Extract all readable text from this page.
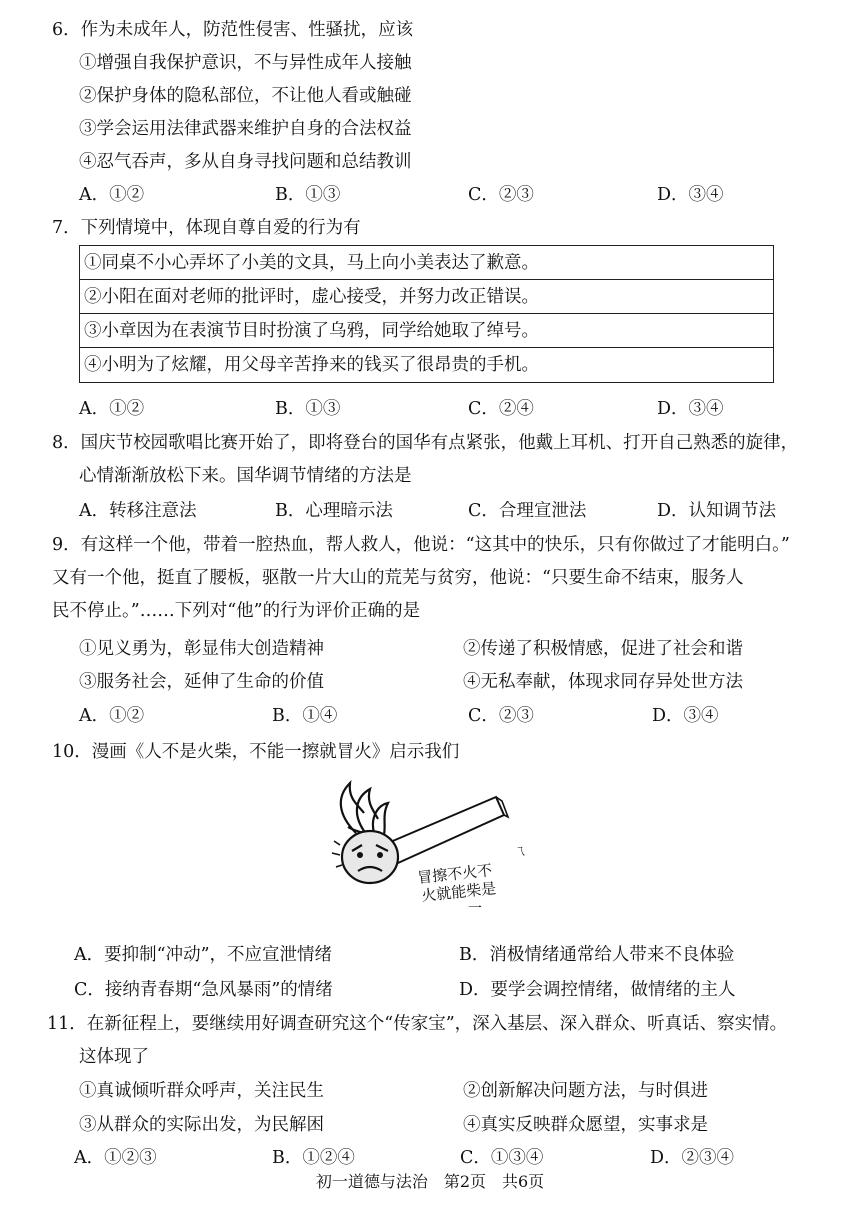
6．作为未成年人，防范性侵害、性骚扰，应该
①增强自我保护意识，不与异性成年人接触
②保护身体的隐私部位，不让他人看或触碰
③学会运用法律武器来维护自身的合法权益
④忍气吞声，多从自身寻找问题和总结教训
A．①②	B．①③	C．②③	D．③④
7．下列情境中，体现自尊自爱的行为有
①同桌不小心弄坏了小美的文具，马上向小美表达了歉意。
②小阳在面对老师的批评时，虚心接受，并努力改正错误。
③小章因为在表演节目时扮演了乌鸦，同学给她取了绰号。
④小明为了炫耀，用父母辛苦挣来的钱买了很昂贵的手机。
A．①②	B．①③	C．②④	D．③④
8．国庆节校园歌唱比赛开始了，即将登台的国华有点紧张，他戴上耳机、打开自己熟悉的旋律，
心情渐渐放松下来。国华调节情绪的方法是
A．转移注意法	B．心理暗示法	C．合理宣泄法	D．认知调节法
9．有这样一个他，带着一腔热血，帮人救人，他说：“这其中的快乐，只有你做过了才能明白。”
又有一个他，挺直了腰板，驱散一片大山的荒芜与贫穷，他说：“只要生命不结束，服务人
民不停止。”……下列对“他”的行为评价正确的是
①见义勇为，彰显伟大创造精神	②传递了积极情感，促进了社会和谐
③服务社会，延伸了生命的价值	④无私奉献，体现求同存异处世方法
A．①②	B．①④	C．②③	D．③④
10．漫画《人不是火柴，不能一擦就冒火》启示我们
冒擦不火不
火就能柴是
ㄟ
一
A．要抑制“冲动”，不应宣泄情绪	B．消极情绪通常给人带来不良体验
C．接纳青春期“急风暴雨”的情绪	D．要学会调控情绪，做情绪的主人
11．在新征程上，要继续用好调查研究这个“传家宝”，深入基层、深入群众、听真话、察实情。
这体现了
①真诚倾听群众呼声，关注民生	②创新解决问题方法，与时俱进
③从群众的实际出发，为民解困	④真实反映群众愿望，实事求是
A．①②③	B．①②④	C．①③④	D．②③④
初一道德与法治　第2页　共6页
